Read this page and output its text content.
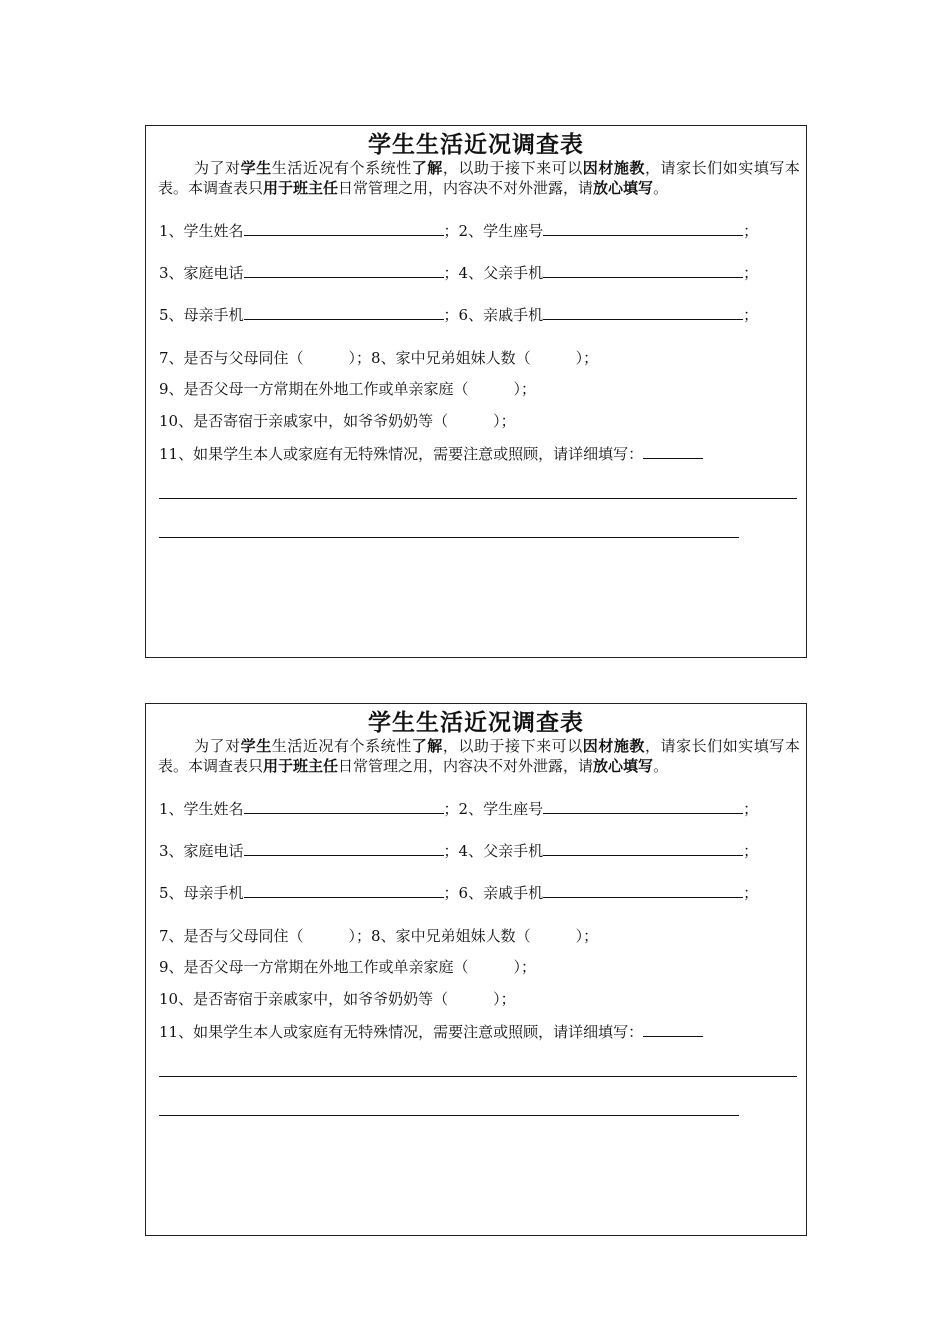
学生生活近况调查表
为了对学生生活近况有个系统性了解，以助于接下来可以因材施教，请家长们如实填写本表。本调查表只用于班主任日常管理之用，内容决不对外泄露，请放心填写。
1、学生姓名	；2、学生座号	；
3、家庭电话	；4、父亲手机	；
5、母亲手机	；6、亲戚手机	；
7、是否与父母同住（　　　）；8、家中兄弟姐妹人数（　　　）；
9、是否父母一方常期在外地工作或单亲家庭（　　　）；
10、是否寄宿于亲戚家中，如爷爷奶奶等（　　　）；
11、如果学生本人或家庭有无特殊情况，需要注意或照顾，请详细填写：
学生生活近况调查表
为了对学生生活近况有个系统性了解，以助于接下来可以因材施教，请家长们如实填写本表。本调查表只用于班主任日常管理之用，内容决不对外泄露，请放心填写。
1、学生姓名	；2、学生座号	；
3、家庭电话	；4、父亲手机	；
5、母亲手机	；6、亲戚手机	；
7、是否与父母同住（　　　）；8、家中兄弟姐妹人数（　　　）；
9、是否父母一方常期在外地工作或单亲家庭（　　　）；
10、是否寄宿于亲戚家中，如爷爷奶奶等（　　　）；
11、如果学生本人或家庭有无特殊情况，需要注意或照顾，请详细填写：
